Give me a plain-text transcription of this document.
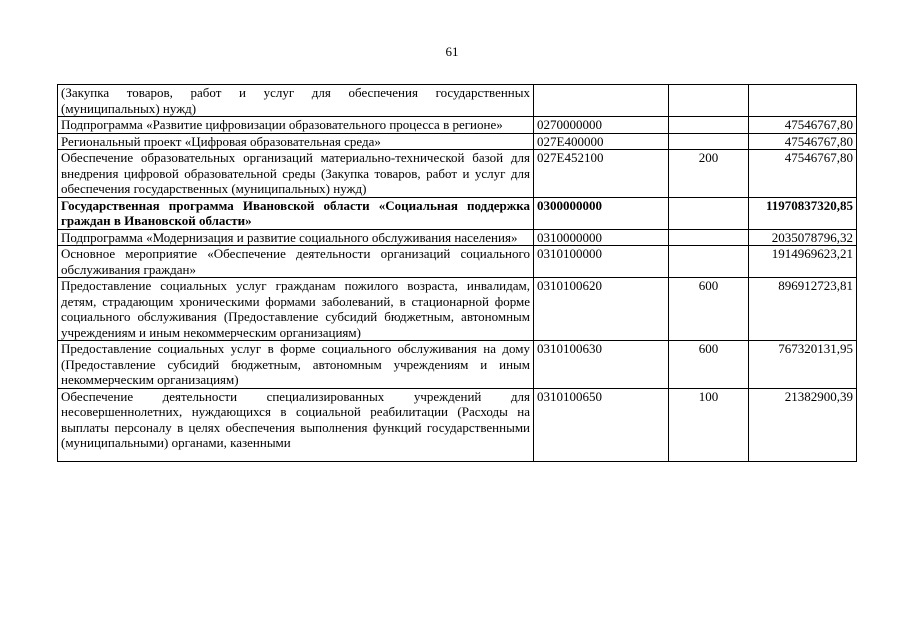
61
(Закупка товаров, работ и услуг для обеспечения государственных (муниципальных) нужд)			
Подпрограмма «Развитие цифровизации образовательного процесса в регионе»	0270000000		47546767,80
Региональный проект «Цифровая образовательная среда»	027Е400000		47546767,80
Обеспечение образовательных организаций материально-технической базой для внедрения цифровой образовательной среды (Закупка товаров, работ и услуг для обеспечения государственных (муниципальных) нужд)	027Е452100	200	47546767,80
Государственная программа Ивановской области «Социальная поддержка граждан в Ивановской области»	0300000000		11970837320,85
Подпрограмма «Модернизация и развитие социального обслуживания населения»	0310000000		2035078796,32
Основное мероприятие «Обеспечение деятельности организаций социального обслуживания граждан»	0310100000		1914969623,21
Предоставление социальных услуг гражданам пожилого возраста, инвалидам, детям, страдающим хроническими формами заболеваний, в стационарной форме социального обслуживания (Предоставление субсидий бюджетным, автономным учреждениям и иным некоммерческим организациям)	0310100620	600	896912723,81
Предоставление социальных услуг в форме социального обслуживания на дому (Предоставление субсидий бюджетным, автономным учреждениям и иным некоммерческим организациям)	0310100630	600	767320131,95
Обеспечение деятельности специализированных учреждений для несовершеннолетних, нуждающихся в социальной реабилитации (Расходы на выплаты персоналу в целях обеспечения выполнения функций государственными (муниципальными) органами, казенными	0310100650	100	21382900,39
